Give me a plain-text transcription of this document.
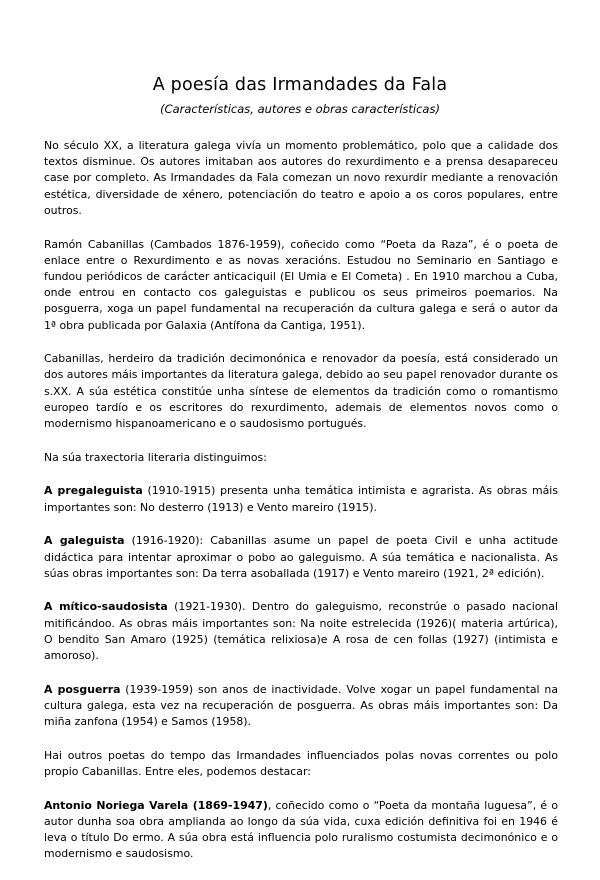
A poesía das Irmandades da Fala
(Características, autores e obras características)

No século XX, a literatura galega vivía un momento problemático, polo que a calidade dos textos disminue. Os autores imitaban aos autores do rexurdimento e a prensa desapareceu case por completo. As Irmandades da Fala comezan un novo rexurdir mediante a renovación estética, diversidade de xénero, potenciación do teatro e apoio a os coros populares, entre outros.

Ramón Cabanillas (Cambados 1876-1959), coñecido como “Poeta da Raza”, é o poeta de enlace entre o Rexurdimento e as novas xeracións. Estudou no Seminario en Santiago e fundou periódicos de carácter anticaciquil (El Umia e El Cometa) . En 1910 marchou a Cuba, onde entrou en contacto cos galeguistas e publicou os seus primeiros poemarios. Na posguerra, xoga un papel fundamental na recuperación da cultura galega e será o autor da 1ª obra publicada por Galaxia (Antífona da Cantiga, 1951).

Cabanillas, herdeiro da tradición decimonónica e renovador da poesía, está considerado un dos autores máis importantes da literatura galega, debido ao seu papel renovador durante os s.XX. A súa estética constitúe unha síntese de elementos da tradición como o romantismo europeo tardío e os escritores do rexurdimento, ademais de elementos novos como o modernismo hispanoamericano e o saudosismo portugués.

Na súa traxectoria literaria distinguimos:

A pregaleguista (1910-1915) presenta unha temática intimista e agrarista. As obras máis importantes son: No desterro (1913) e Vento mareiro (1915).

A galeguista (1916-1920): Cabanillas asume un papel de poeta Civil e unha actitude didáctica para intentar aproximar o pobo ao galeguismo. A súa temática e nacionalista. As súas obras importantes son: Da terra asoballada (1917) e Vento mareiro (1921, 2ª edición).

A mítico-saudosista (1921-1930). Dentro do galeguismo, reconstrúe o pasado nacional mitificándoo. As obras máis importantes son: Na noite estrelecida (1926)( materia artúrica), O bendito San Amaro (1925) (temática relixiosa)e A rosa de cen follas (1927) (intimista e amoroso).

A posguerra (1939-1959) son anos de inactividade. Volve xogar un papel fundamental na cultura galega, esta vez na recuperación de posguerra. As obras máis importantes son: Da miña zanfona (1954) e Samos (1958).

Hai outros poetas do tempo das Irmandades influenciados polas novas correntes ou polo propio Cabanillas. Entre eles, podemos destacar:

Antonio Noriega Varela (1869-1947), coñecido como o “Poeta da montaña luguesa”, é o autor dunha soa obra amplianda ao longo da súa vida, cuxa edición definitiva foi en 1946 é leva o título Do ermo. A súa obra está influencia polo ruralismo costumista decimonónico e o modernismo e saudosismo.
